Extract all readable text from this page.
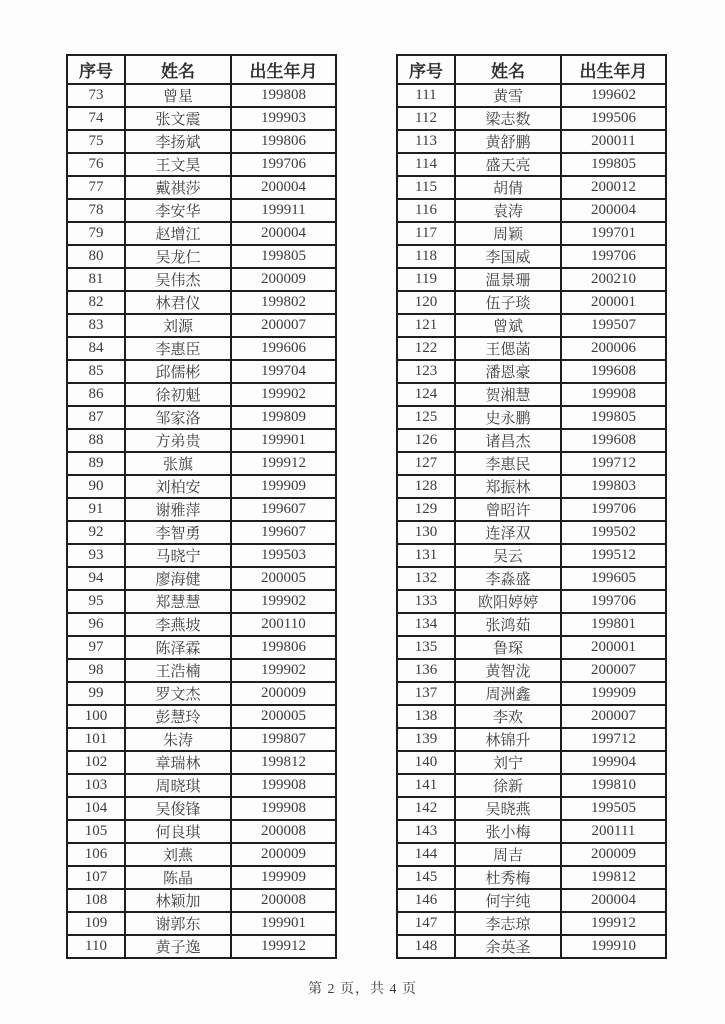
序号	姓名	出生年月
73	曾星	199808
74	张文震	199903
75	李扬斌	199806
76	王文昊	199706
77	戴祺莎	200004
78	李安华	199911
79	赵增江	200004
80	吴龙仁	199805
81	吴伟杰	200009
82	林君仪	199802
83	刘源	200007
84	李惠臣	199606
85	邱儒彬	199704
86	徐初魁	199902
87	邹家洛	199809
88	方弟贵	199901
89	张旗	199912
90	刘柏安	199909
91	谢雅萍	199607
92	李智勇	199607
93	马晓宁	199503
94	廖海健	200005
95	郑慧慧	199902
96	李燕坡	200110
97	陈泽霖	199806
98	王浩楠	199902
99	罗文杰	200009
100	彭慧玲	200005
101	朱涛	199807
102	章瑞林	199812
103	周晓琪	199908
104	吴俊锋	199908
105	何良琪	200008
106	刘燕	200009
107	陈晶	199909
108	林颖加	200008
109	谢郭东	199901
110	黄子逸	199912
序号	姓名	出生年月
111	黄雪	199602
112	梁志数	199506
113	黄舒鹏	200011
114	盛天亮	199805
115	胡倩	200012
116	袁涛	200004
117	周颖	199701
118	李国威	199706
119	温景珊	200210
120	伍子琰	200001
121	曾斌	199507
122	王偲菡	200006
123	潘恩豪	199608
124	贺湘慧	199908
125	史永鹏	199805
126	诸昌杰	199608
127	李惠民	199712
128	郑振林	199803
129	曾昭许	199706
130	连泽双	199502
131	吴云	199512
132	李淼盛	199605
133	欧阳婷婷	199706
134	张鸿茹	199801
135	鲁琛	200001
136	黄智泷	200007
137	周洲鑫	199909
138	李欢	200007
139	林锦升	199712
140	刘宁	199904
141	徐新	199810
142	吴晓燕	199505
143	张小梅	200111
144	周吉	200009
145	杜秀梅	199812
146	何宇纯	200004
147	李志琼	199912
148	余英圣	199910
第 2 页，共 4 页
